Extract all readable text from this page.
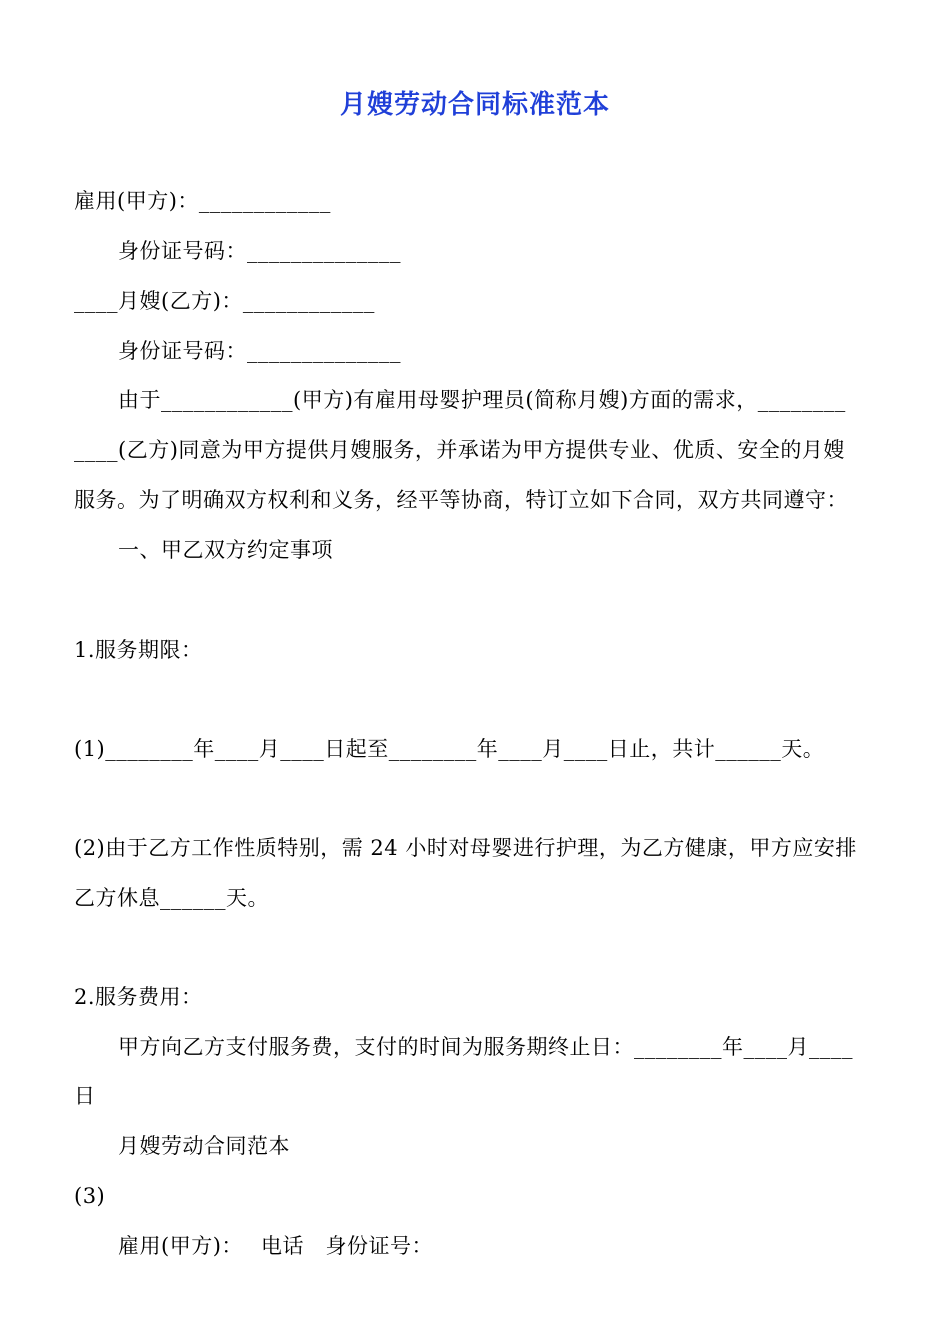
月嫂劳动合同标准范本
雇用(甲方)：____________
身份证号码：______________
____月嫂(乙方)：____________
身份证号码：______________
由于____________(甲方)有雇用母婴护理员(简称月嫂)方面的需求，________
____(乙方)同意为甲方提供月嫂服务，并承诺为甲方提供专业、优质、安全的月嫂
服务。为了明确双方权利和义务，经平等协商，特订立如下合同，双方共同遵守：
一、甲乙双方约定事项
1.服务期限：
(1)________年____月____日起至________年____月____日止，共计______天。
(2)由于乙方工作性质特别，需 24 小时对母婴进行护理，为乙方健康，甲方应安排
乙方休息______天。
2.服务费用：
甲方向乙方支付服务费，支付的时间为服务期终止日：________年____月____
日
月嫂劳动合同范本
(3)
雇用(甲方)：　 电话　身份证号：
